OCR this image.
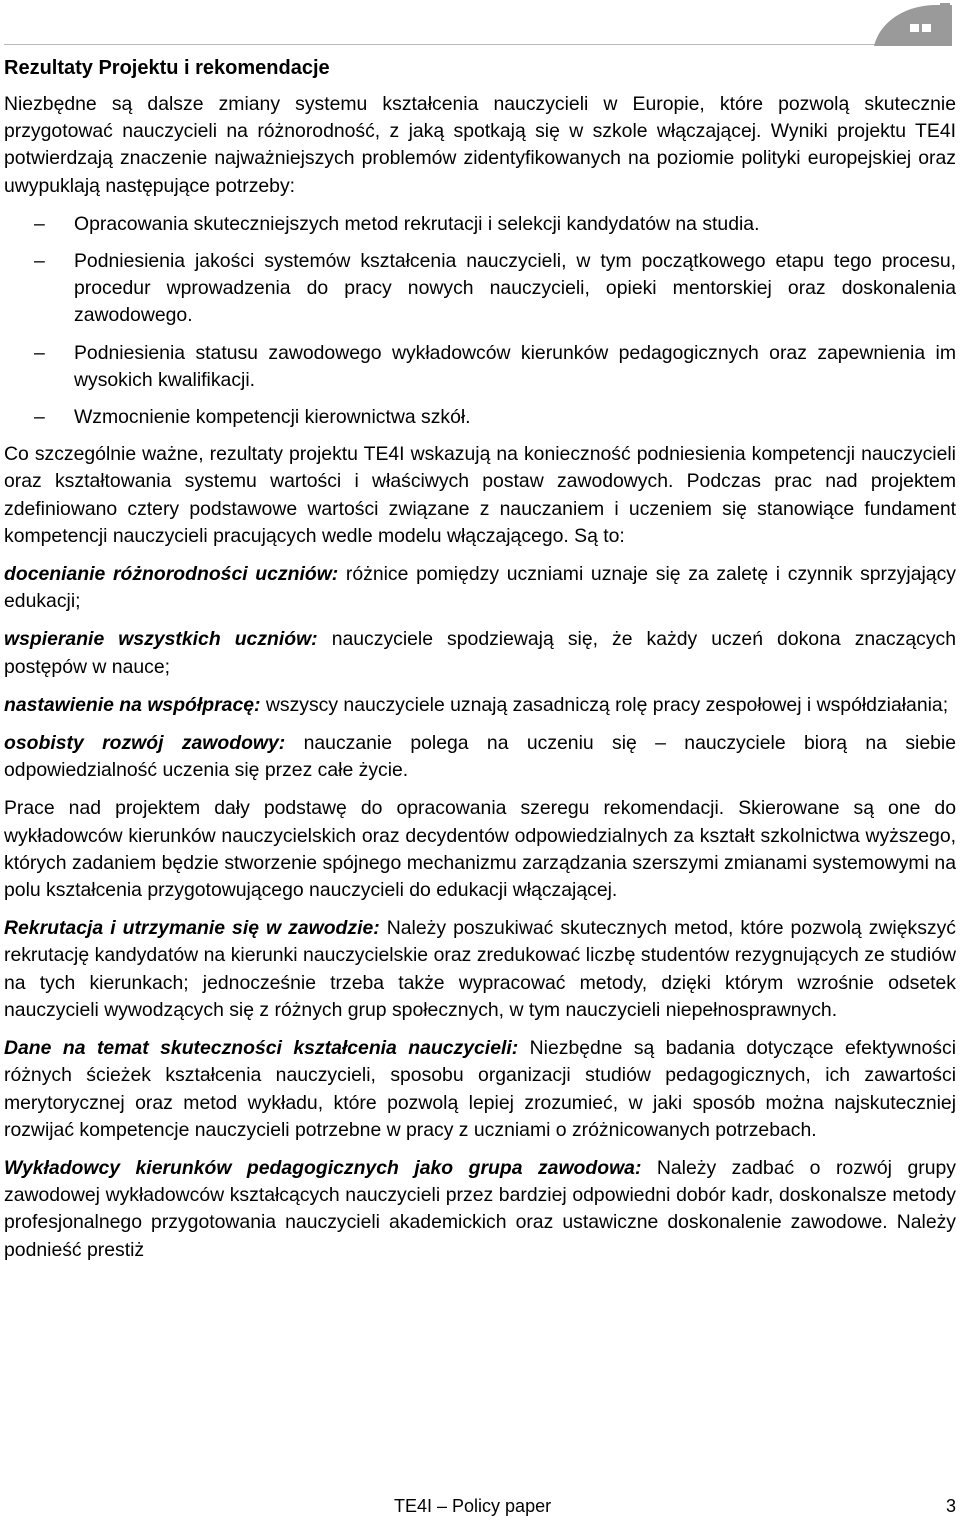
Rezultaty Projektu i rekomendacje

Niezbędne są dalsze zmiany systemu kształcenia nauczycieli w Europie, które pozwolą skutecznie przygotować nauczycieli na różnorodność, z jaką spotkają się w szkole włączającej. Wyniki projektu TE4I potwierdzają znaczenie najważniejszych problemów zidentyfikowanych na poziomie polityki europejskiej oraz uwypuklają następujące potrzeby:

– Opracowania skuteczniejszych metod rekrutacji i selekcji kandydatów na studia.
– Podniesienia jakości systemów kształcenia nauczycieli, w tym początkowego etapu tego procesu, procedur wprowadzenia do pracy nowych nauczycieli, opieki mentorskiej oraz doskonalenia zawodowego.
– Podniesienia statusu zawodowego wykładowców kierunków pedagogicznych oraz zapewnienia im wysokich kwalifikacji.
– Wzmocnienie kompetencji kierownictwa szkół.

Co szczególnie ważne, rezultaty projektu TE4I wskazują na konieczność podniesienia kompetencji nauczycieli oraz kształtowania systemu wartości i właściwych postaw zawodowych. Podczas prac nad projektem zdefiniowano cztery podstawowe wartości związane z nauczaniem i uczeniem się stanowiące fundament kompetencji nauczycieli pracujących wedle modelu włączającego. Są to:

docenianie różnorodności uczniów: różnice pomiędzy uczniami uznaje się za zaletę i czynnik sprzyjający edukacji;

wspieranie wszystkich uczniów: nauczyciele spodziewają się, że każdy uczeń dokona znaczących postępów w nauce;

nastawienie na współpracę: wszyscy nauczyciele uznają zasadniczą rolę pracy zespołowej i współdziałania;

osobisty rozwój zawodowy: nauczanie polega na uczeniu się – nauczyciele biorą na siebie odpowiedzialność uczenia się przez całe życie.

Prace nad projektem dały podstawę do opracowania szeregu rekomendacji. Skierowane są one do wykładowców kierunków nauczycielskich oraz decydentów odpowiedzialnych za kształt szkolnictwa wyższego, których zadaniem będzie stworzenie spójnego mechanizmu zarządzania szerszymi zmianami systemowymi na polu kształcenia przygotowującego nauczycieli do edukacji włączającej.

Rekrutacja i utrzymanie się w zawodzie: Należy poszukiwać skutecznych metod, które pozwolą zwiększyć rekrutację kandydatów na kierunki nauczycielskie oraz zredukować liczbę studentów rezygnujących ze studiów na tych kierunkach; jednocześnie trzeba także wypracować metody, dzięki którym wzrośnie odsetek nauczycieli wywodzących się z różnych grup społecznych, w tym nauczycieli niepełnosprawnych.

Dane na temat skuteczności kształcenia nauczycieli: Niezbędne są badania dotyczące efektywności różnych ścieżek kształcenia nauczycieli, sposobu organizacji studiów pedagogicznych, ich zawartości merytorycznej oraz metod wykładu, które pozwolą lepiej zrozumieć, w jaki sposób można najskuteczniej rozwijać kompetencje nauczycieli potrzebne w pracy z uczniami o zróżnicowanych potrzebach.

Wykładowcy kierunków pedagogicznych jako grupa zawodowa: Należy zadbać o rozwój grupy zawodowej wykładowców kształcących nauczycieli przez bardziej odpowiedni dobór kadr, doskonalsze metody profesjonalnego przygotowania nauczycieli akademickich oraz ustawiczne doskonalenie zawodowe. Należy podnieść prestiż

TE4I – Policy paper	3
